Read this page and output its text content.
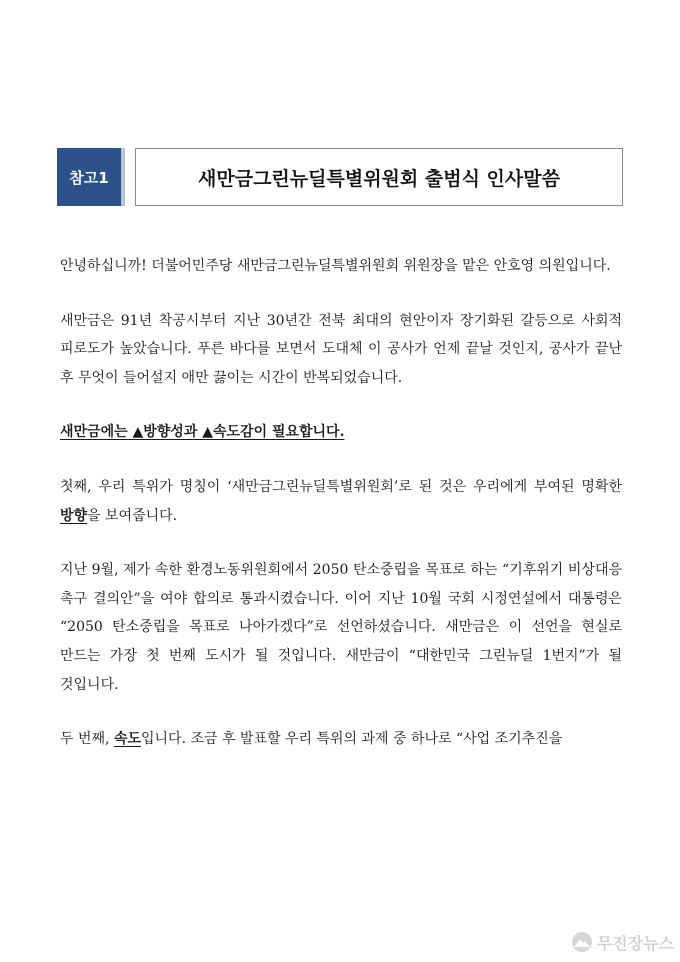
참고1	새만금그린뉴딜특별위원회 출범식 인사말씀

안녕하십니까! 더불어민주당 새만금그린뉴딜특별위원회 위원장을 맡은 안호영 의원입니다.

새만금은 91년 착공시부터 지난 30년간 전북 최대의 현안이자 장기화된 갈등으로 사회적 피로도가 높았습니다. 푸른 바다를 보면서 도대체 이 공사가 언제 끝날 것인지, 공사가 끝난 후 무엇이 들어설지 애만 끓이는 시간이 반복되었습니다.

새만금에는 ▲방향성과 ▲속도감이 필요합니다.

첫째, 우리 특위가 명칭이 ‘새만금그린뉴딜특별위원회’로 된 것은 우리에게 부여된 명확한 방향을 보여줍니다.

지난 9월, 제가 속한 환경노동위원회에서 2050 탄소중립을 목표로 하는 “기후위기 비상대응 촉구 결의안”을 여야 합의로 통과시켰습니다. 이어 지난 10월 국회 시정연설에서 대통령은 “2050 탄소중립을 목표로 나아가겠다”로 선언하셨습니다. 새만금은 이 선언을 현실로 만드는 가장 첫 번째 도시가 될 것입니다. 새만금이 “대한민국 그린뉴딜 1번지”가 될 것입니다.

두 번째, 속도입니다. 조금 후 발표할 우리 특위의 과제 중 하나로 “사업 조기추진을

무진장뉴스
